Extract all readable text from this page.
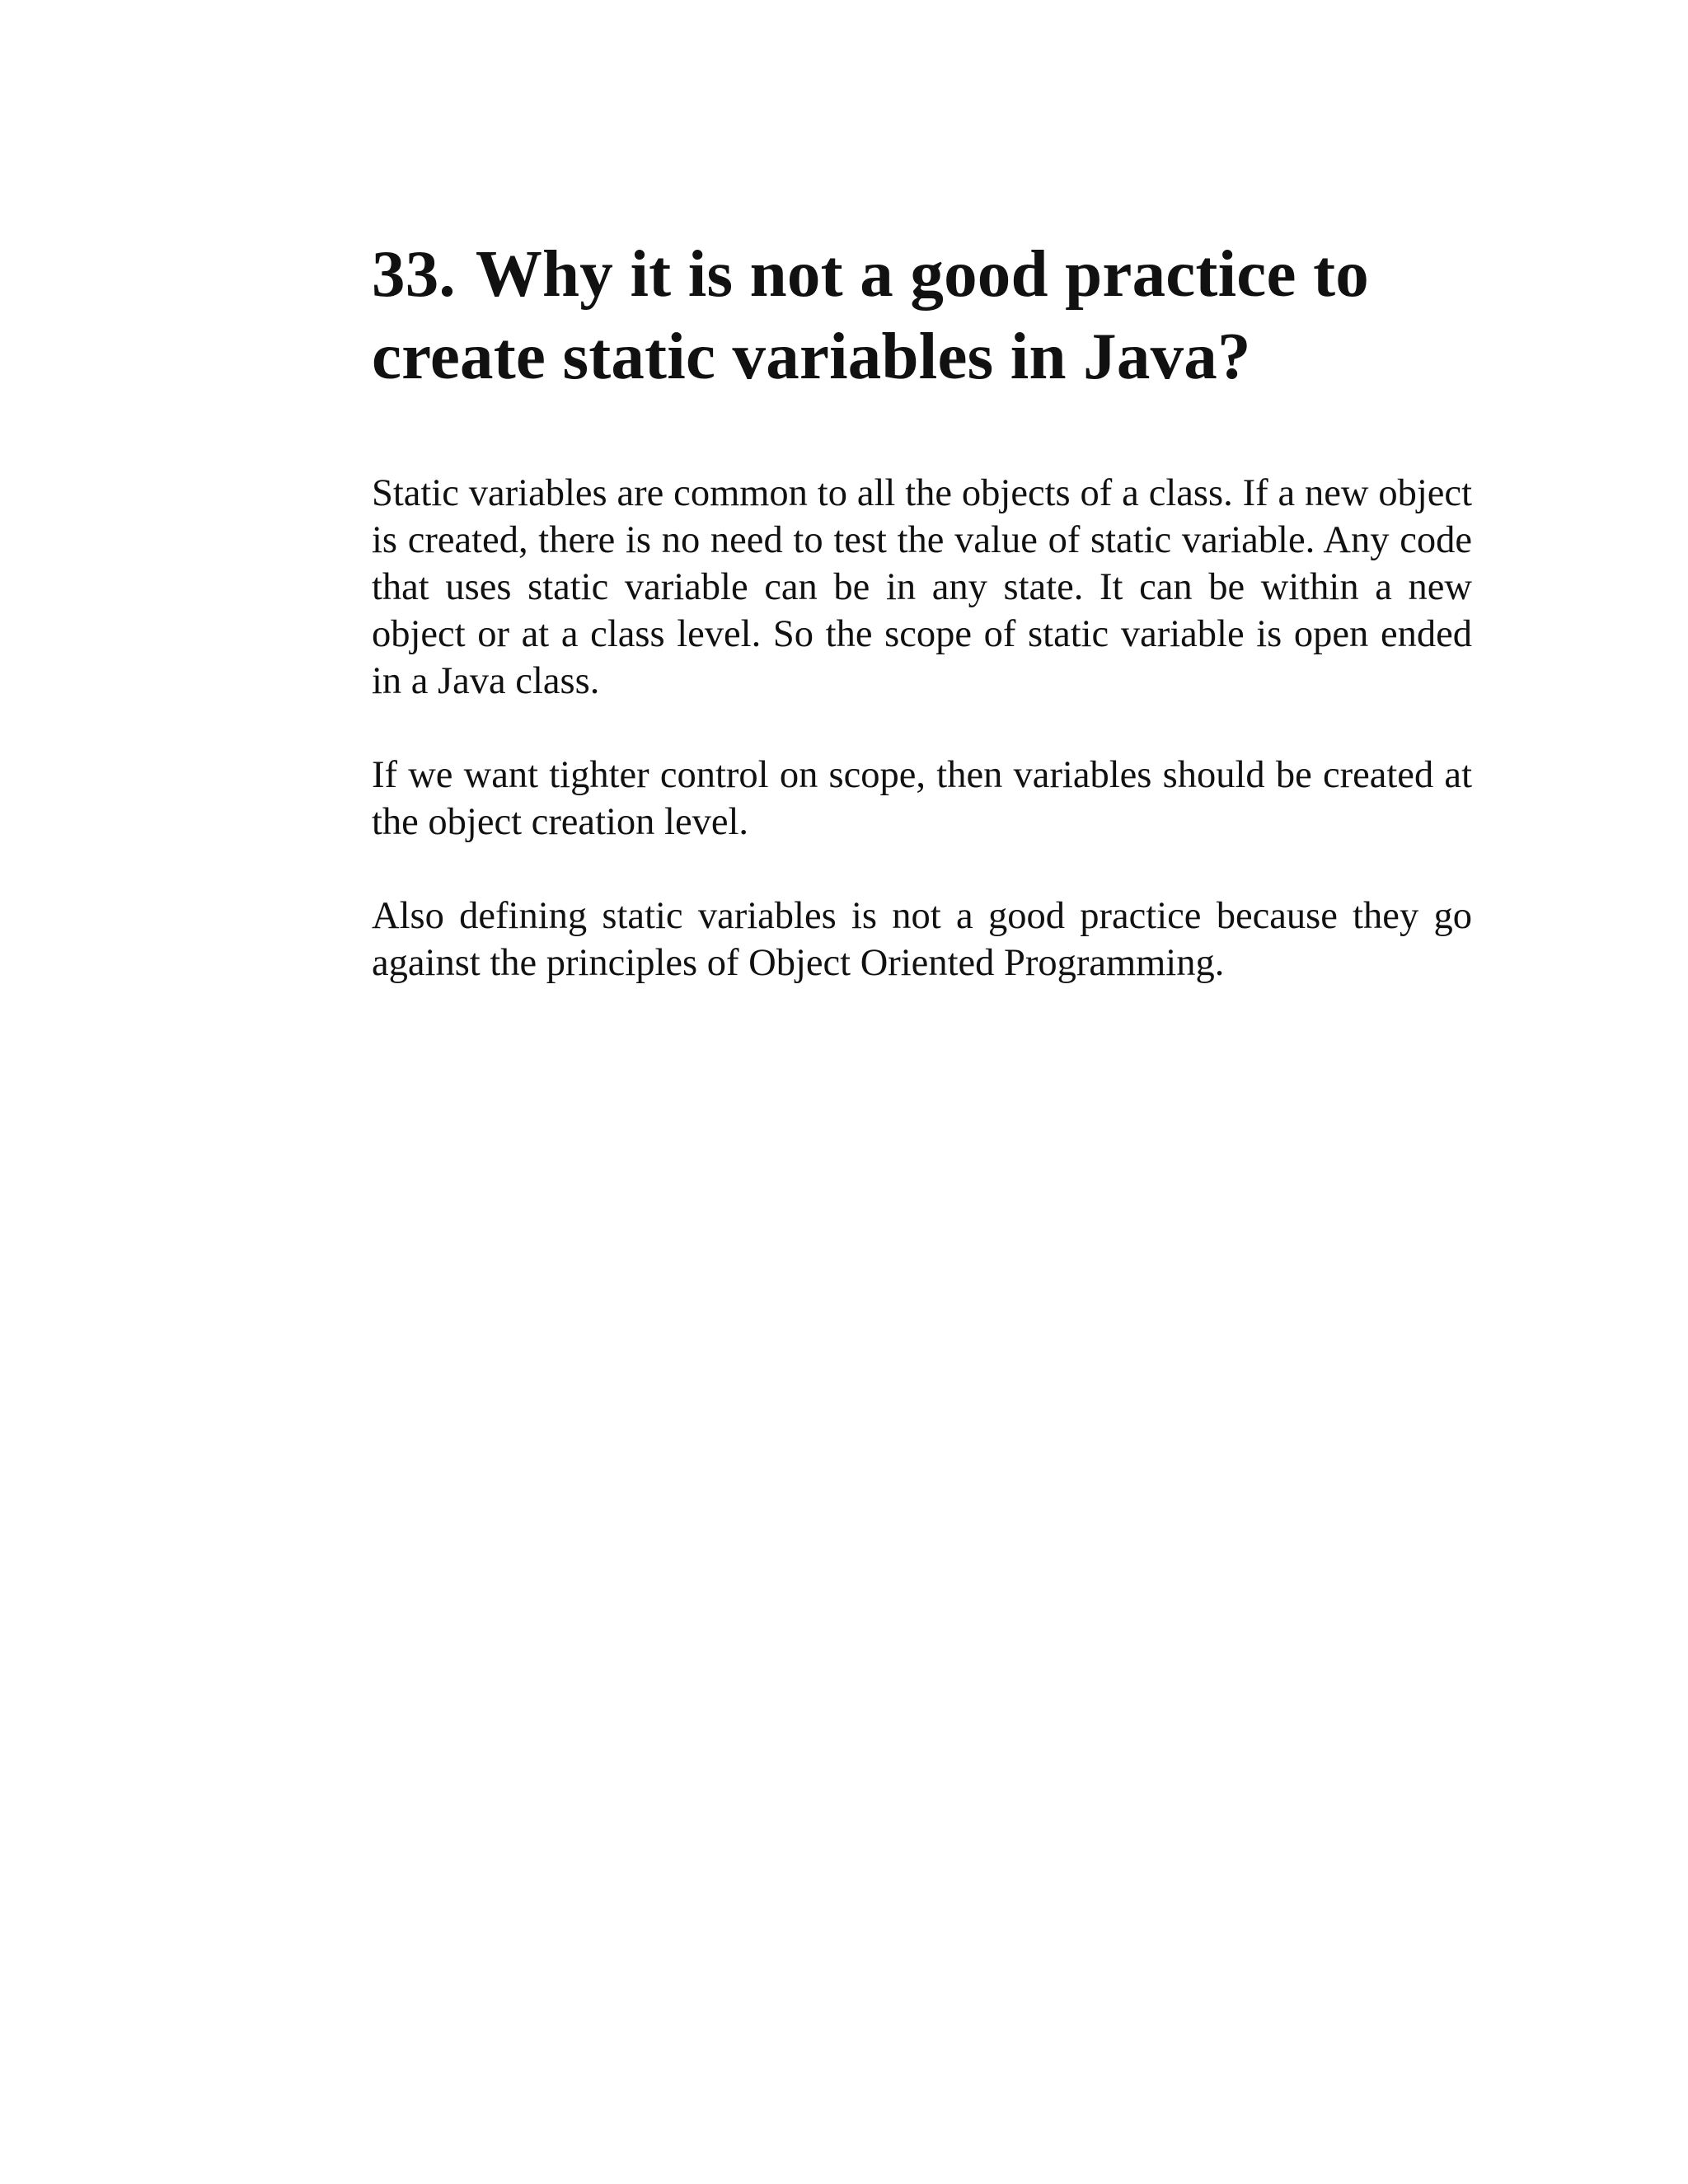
33. Why it is not a good practice to create static variables in Java?

Static variables are common to all the objects of a class. If a new object is created, there is no need to test the value of static variable. Any code that uses static variable can be in any state. It can be within a new object or at a class level. So the scope of static variable is open ended in a Java class.

If we want tighter control on scope, then variables should be created at the object creation level.

Also defining static variables is not a good practice because they go against the principles of Object Oriented Programming.
